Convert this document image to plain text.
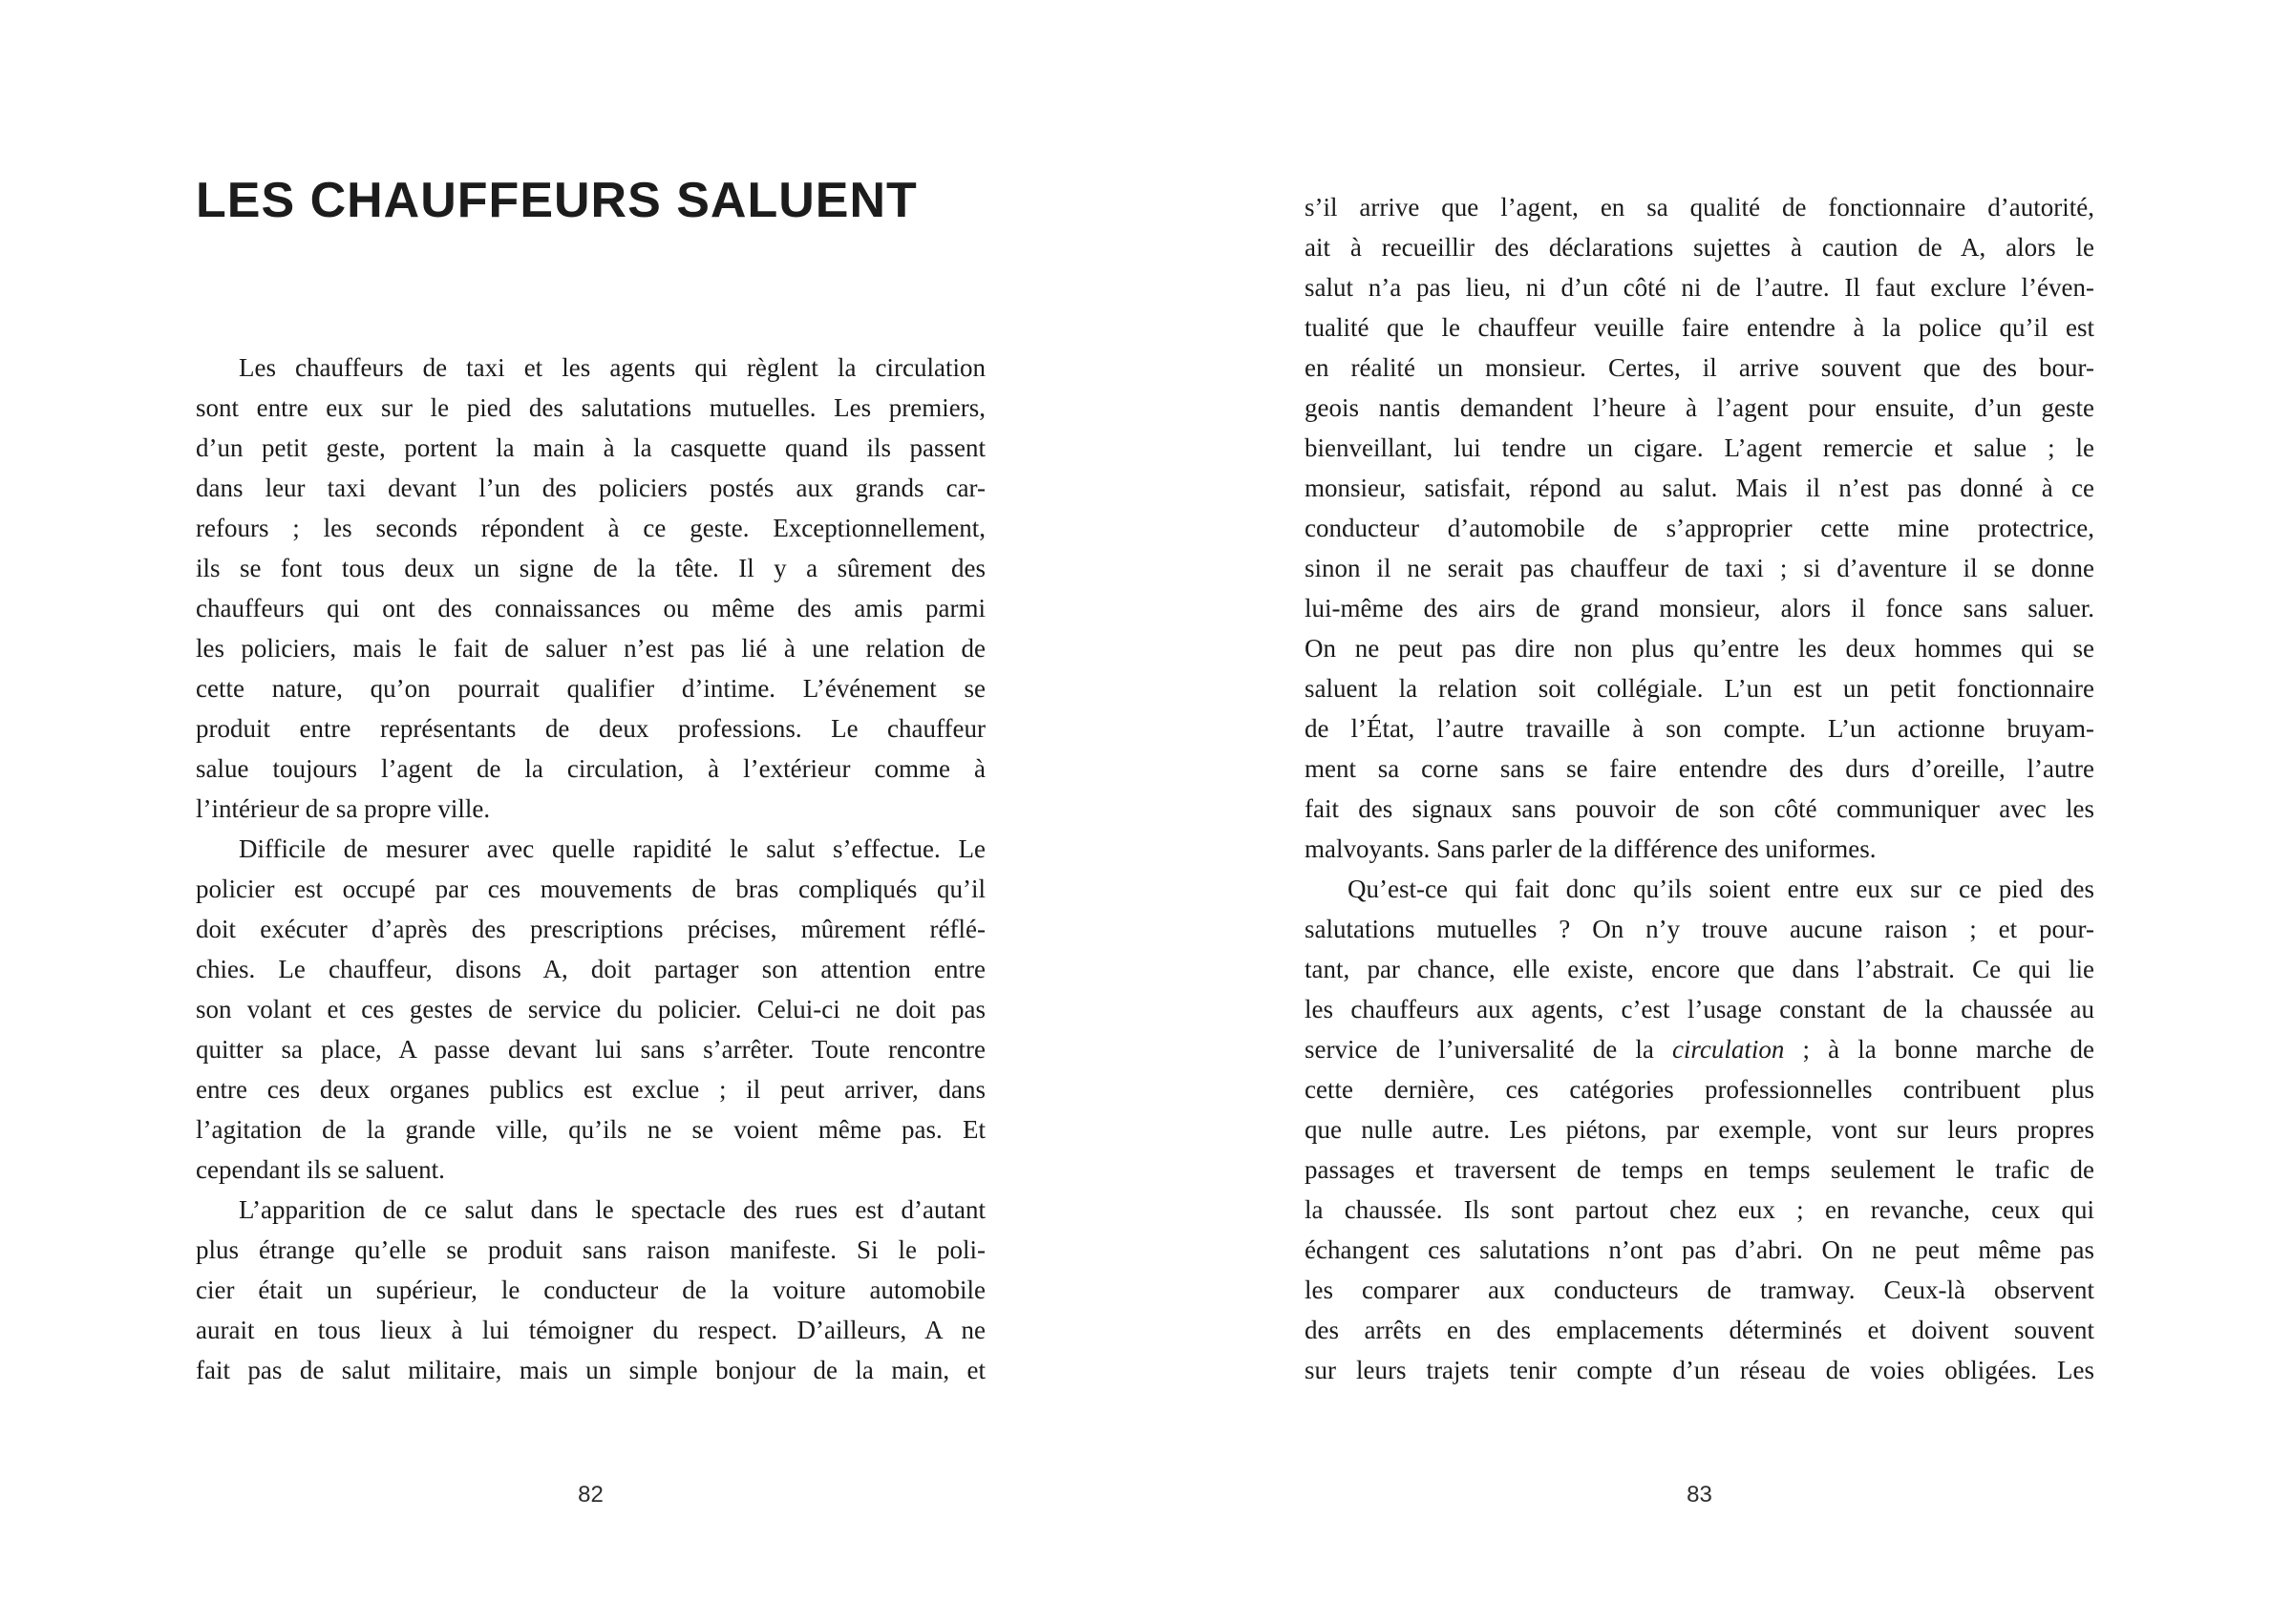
LES CHAUFFEURS SALUENT
Les chauffeurs de taxi et les agents qui règlent la circulation
sont entre eux sur le pied des salutations mutuelles. Les premiers,
d’un petit geste, portent la main à la casquette quand ils passent
dans leur taxi devant l’un des policiers postés aux grands car-
refours ; les seconds répondent à ce geste. Exceptionnellement,
ils se font tous deux un signe de la tête. Il y a sûrement des
chauffeurs qui ont des connaissances ou même des amis parmi
les policiers, mais le fait de saluer n’est pas lié à une relation de
cette nature, qu’on pourrait qualifier d’intime. L’événement se
produit entre représentants de deux professions. Le chauffeur
salue toujours l’agent de la circulation, à l’extérieur comme à
l’intérieur de sa propre ville.
Difficile de mesurer avec quelle rapidité le salut s’effectue. Le
policier est occupé par ces mouvements de bras compliqués qu’il
doit exécuter d’après des prescriptions précises, mûrement réflé-
chies. Le chauffeur, disons A, doit partager son attention entre
son volant et ces gestes de service du policier. Celui-ci ne doit pas
quitter sa place, A passe devant lui sans s’arrêter. Toute rencontre
entre ces deux organes publics est exclue ; il peut arriver, dans
l’agitation de la grande ville, qu’ils ne se voient même pas. Et
cependant ils se saluent.
L’apparition de ce salut dans le spectacle des rues est d’autant
plus étrange qu’elle se produit sans raison manifeste. Si le poli-
cier était un supérieur, le conducteur de la voiture automobile
aurait en tous lieux à lui témoigner du respect. D’ailleurs, A ne
fait pas de salut militaire, mais un simple bonjour de la main, et
s’il arrive que l’agent, en sa qualité de fonctionnaire d’autorité,
ait à recueillir des déclarations sujettes à caution de A, alors le
salut n’a pas lieu, ni d’un côté ni de l’autre. Il faut exclure l’éven-
tualité que le chauffeur veuille faire entendre à la police qu’il est
en réalité un monsieur. Certes, il arrive souvent que des bour-
geois nantis demandent l’heure à l’agent pour ensuite, d’un geste
bienveillant, lui tendre un cigare. L’agent remercie et salue ; le
monsieur, satisfait, répond au salut. Mais il n’est pas donné à ce
conducteur d’automobile de s’approprier cette mine protectrice,
sinon il ne serait pas chauffeur de taxi ; si d’aventure il se donne
lui-même des airs de grand monsieur, alors il fonce sans saluer.
On ne peut pas dire non plus qu’entre les deux hommes qui se
saluent la relation soit collégiale. L’un est un petit fonctionnaire
de l’État, l’autre travaille à son compte. L’un actionne bruyam-
ment sa corne sans se faire entendre des durs d’oreille, l’autre
fait des signaux sans pouvoir de son côté communiquer avec les
malvoyants. Sans parler de la différence des uniformes.
Qu’est-ce qui fait donc qu’ils soient entre eux sur ce pied des
salutations mutuelles ? On n’y trouve aucune raison ; et pour-
tant, par chance, elle existe, encore que dans l’abstrait. Ce qui lie
les chauffeurs aux agents, c’est l’usage constant de la chaussée au
service de l’universalité de la circulation ; à la bonne marche de
cette dernière, ces catégories professionnelles contribuent plus
que nulle autre. Les piétons, par exemple, vont sur leurs propres
passages et traversent de temps en temps seulement le trafic de
la chaussée. Ils sont partout chez eux ; en revanche, ceux qui
échangent ces salutations n’ont pas d’abri. On ne peut même pas
les comparer aux conducteurs de tramway. Ceux-là observent
des arrêts en des emplacements déterminés et doivent souvent
sur leurs trajets tenir compte d’un réseau de voies obligées. Les
82	83
